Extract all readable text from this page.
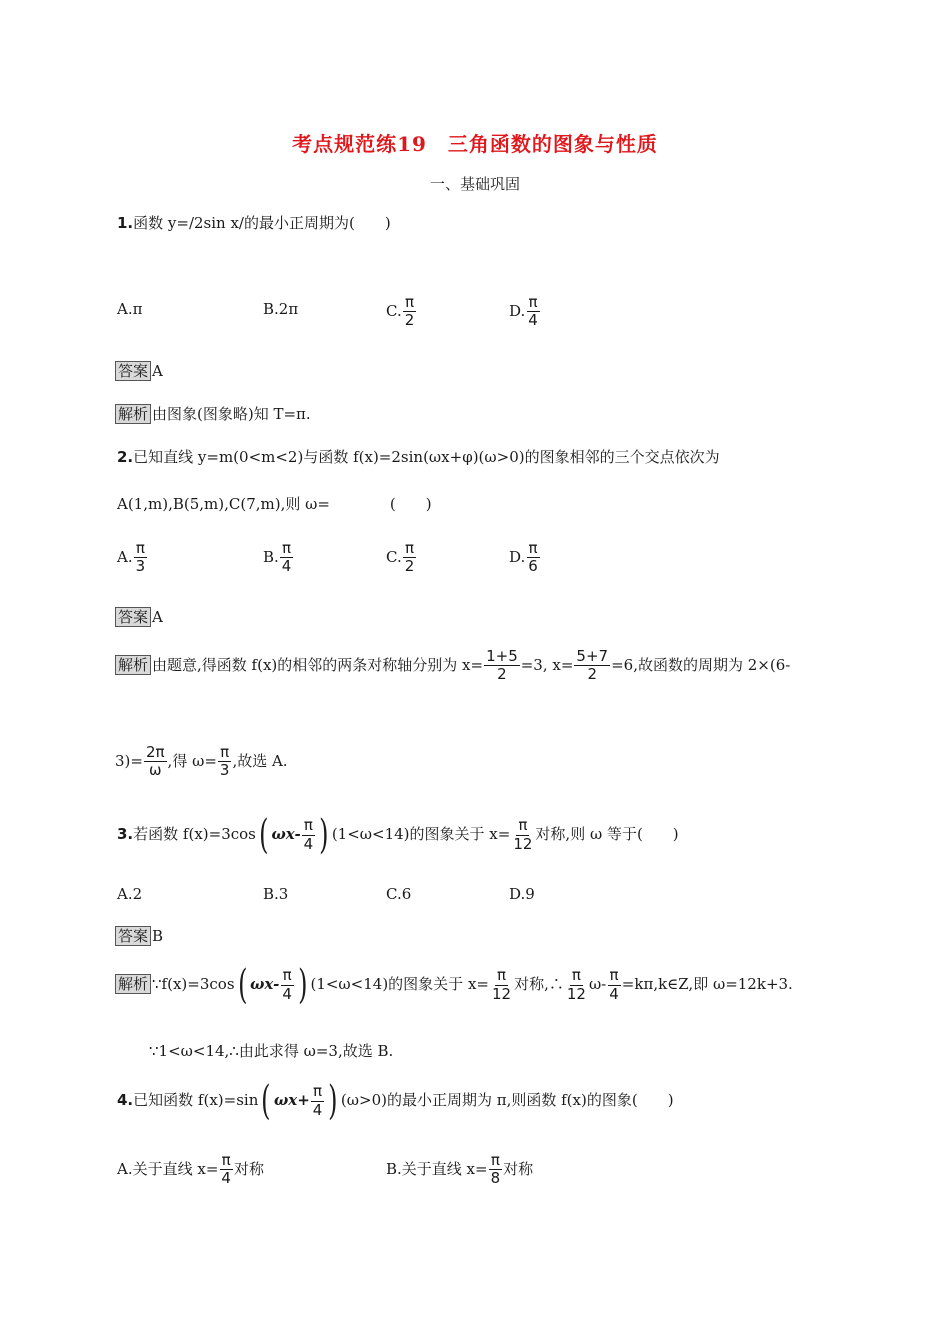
考点规范练19　三角函数的图象与性质
一、基础巩固
1.函数 y=/2sin x/的最小正周期为(　　)
A.π	B.2π	C. $\frac{\pi}{2}$	D. $\frac{\pi}{4}$
答案 A
解析 由图象(图象略)知 T=π.
2.已知直线 y=m(0<m<2)与函数 f(x)=2sin(ωx+φ)(ω>0)的图象相邻的三个交点依次为
A(1,m),B(5,m),C(7,m),则 ω=　　　　(　　)
A. $\frac{\pi}{3}$	B. $\frac{\pi}{4}$	C. $\frac{\pi}{2}$	D. $\frac{\pi}{6}$
答案 A
解析 由题意,得函数 f(x)的相邻的两条对称轴分别为 $x= \frac{1+5}{2} =3$, $x= \frac{5+7}{2} =6$,故函数的周期为 2×(6-
$3)= \frac{2\pi}{\omega}$ ,得 $\omega= \frac{\pi}{3}$ ,故选 A.
3.若函数 f(x)=3cos( $\omega x- \frac{\pi}{4}$ ) (1<ω<14)的图象关于 $x= \frac{\pi}{12}$ 对称,则 ω 等于(　　)
A.2	B.3	C.6	D.9
答案 B
解析 ∵f(x)=3cos( $\omega x- \frac{\pi}{4}$ ) (1<ω<14)的图象关于 $x= \frac{\pi}{12}$ 对称,∴ $\frac{\pi}{12} \omega- \frac{\pi}{4}$ =kπ,k∈Z,即 ω=12k+3.
∵1<ω<14,∴由此求得 ω=3,故选 B.
4.已知函数 f(x)=sin( $\omega x+ \frac{\pi}{4}$ ) (ω>0)的最小正周期为 π,则函数 f(x)的图象(　　)
A.关于直线 $x= \frac{\pi}{4}$ 对称	B.关于直线 $x= \frac{\pi}{8}$ 对称
